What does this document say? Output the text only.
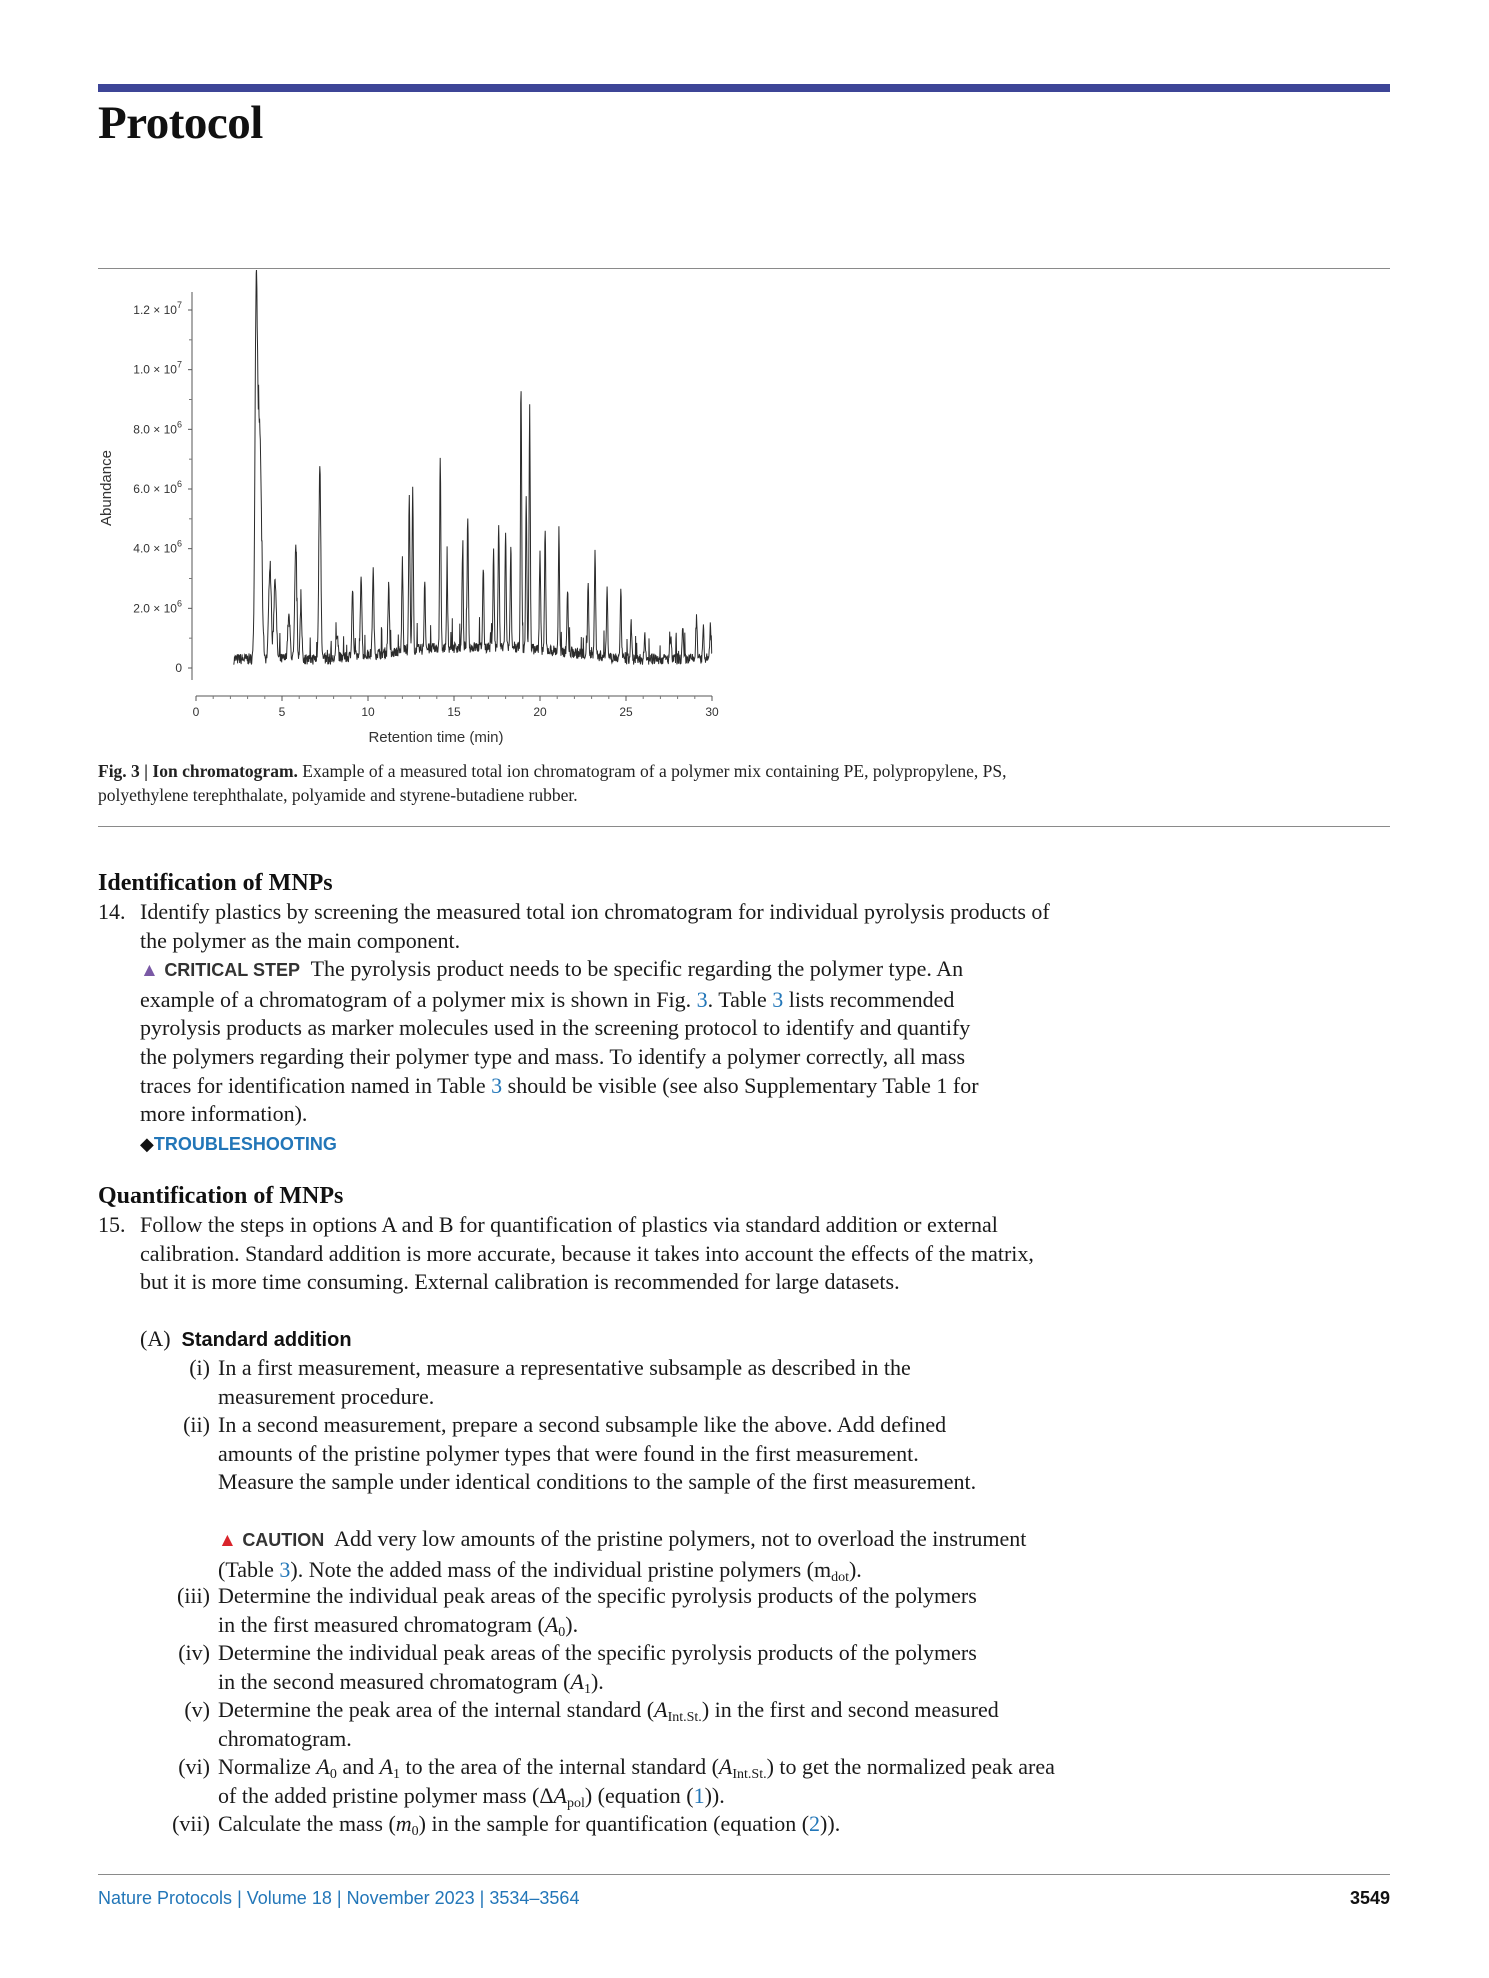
Protocol
Abundance
Retention time (min)
0
$2.0 \times 10^6$
$4.0 \times 10^6$
$6.0 \times 10^6$
$8.0 \times 10^6$
$1.0 \times 10^7$
$1.2 \times 10^7$
0	5	10	15	20	25	30
Fig. 3 | Ion chromatogram. Example of a measured total ion chromatogram of a polymer mix containing PE, polypropylene, PS, polyethylene terephthalate, polyamide and styrene-butadiene rubber.
Identification of MNPs
14. Identify plastics by screening the measured total ion chromatogram for individual pyrolysis products of the polymer as the main component.
▲ CRITICAL STEP The pyrolysis product needs to be specific regarding the polymer type. An example of a chromatogram of a polymer mix is shown in Fig. 3. Table 3 lists recommended pyrolysis products as marker molecules used in the screening protocol to identify and quantify the polymers regarding their polymer type and mass. To identify a polymer correctly, all mass traces for identification named in Table 3 should be visible (see also Supplementary Table 1 for more information).
◆TROUBLESHOOTING
Quantification of MNPs
15. Follow the steps in options A and B for quantification of plastics via standard addition or external calibration. Standard addition is more accurate, because it takes into account the effects of the matrix, but it is more time consuming. External calibration is recommended for large datasets.
(A) Standard addition
(i) In a first measurement, measure a representative subsample as described in the measurement procedure.
(ii) In a second measurement, prepare a second subsample like the above. Add defined amounts of the pristine polymer types that were found in the first measurement. Measure the sample under identical conditions to the sample of the first measurement.
▲ CAUTION Add very low amounts of the pristine polymers, not to overload the instrument (Table 3). Note the added mass of the individual pristine polymers $(m_{dot})$.
(iii) Determine the individual peak areas of the specific pyrolysis products of the polymers in the first measured chromatogram $(A_0)$.
(iv) Determine the individual peak areas of the specific pyrolysis products of the polymers in the second measured chromatogram $(A_1)$.
(v) Determine the peak area of the internal standard $(A_{Int.St.})$ in the first and second measured chromatogram.
(vi) Normalize $A_0$ and $A_1$ to the area of the internal standard $(A_{Int.St.})$ to get the normalized peak area of the added pristine polymer mass $(\Delta A_{pol})$ (equation (1)).
(vii) Calculate the mass $(m_0)$ in the sample for quantification (equation (2)).
Nature Protocols | Volume 18 | November 2023 | 3534–3564	3549
